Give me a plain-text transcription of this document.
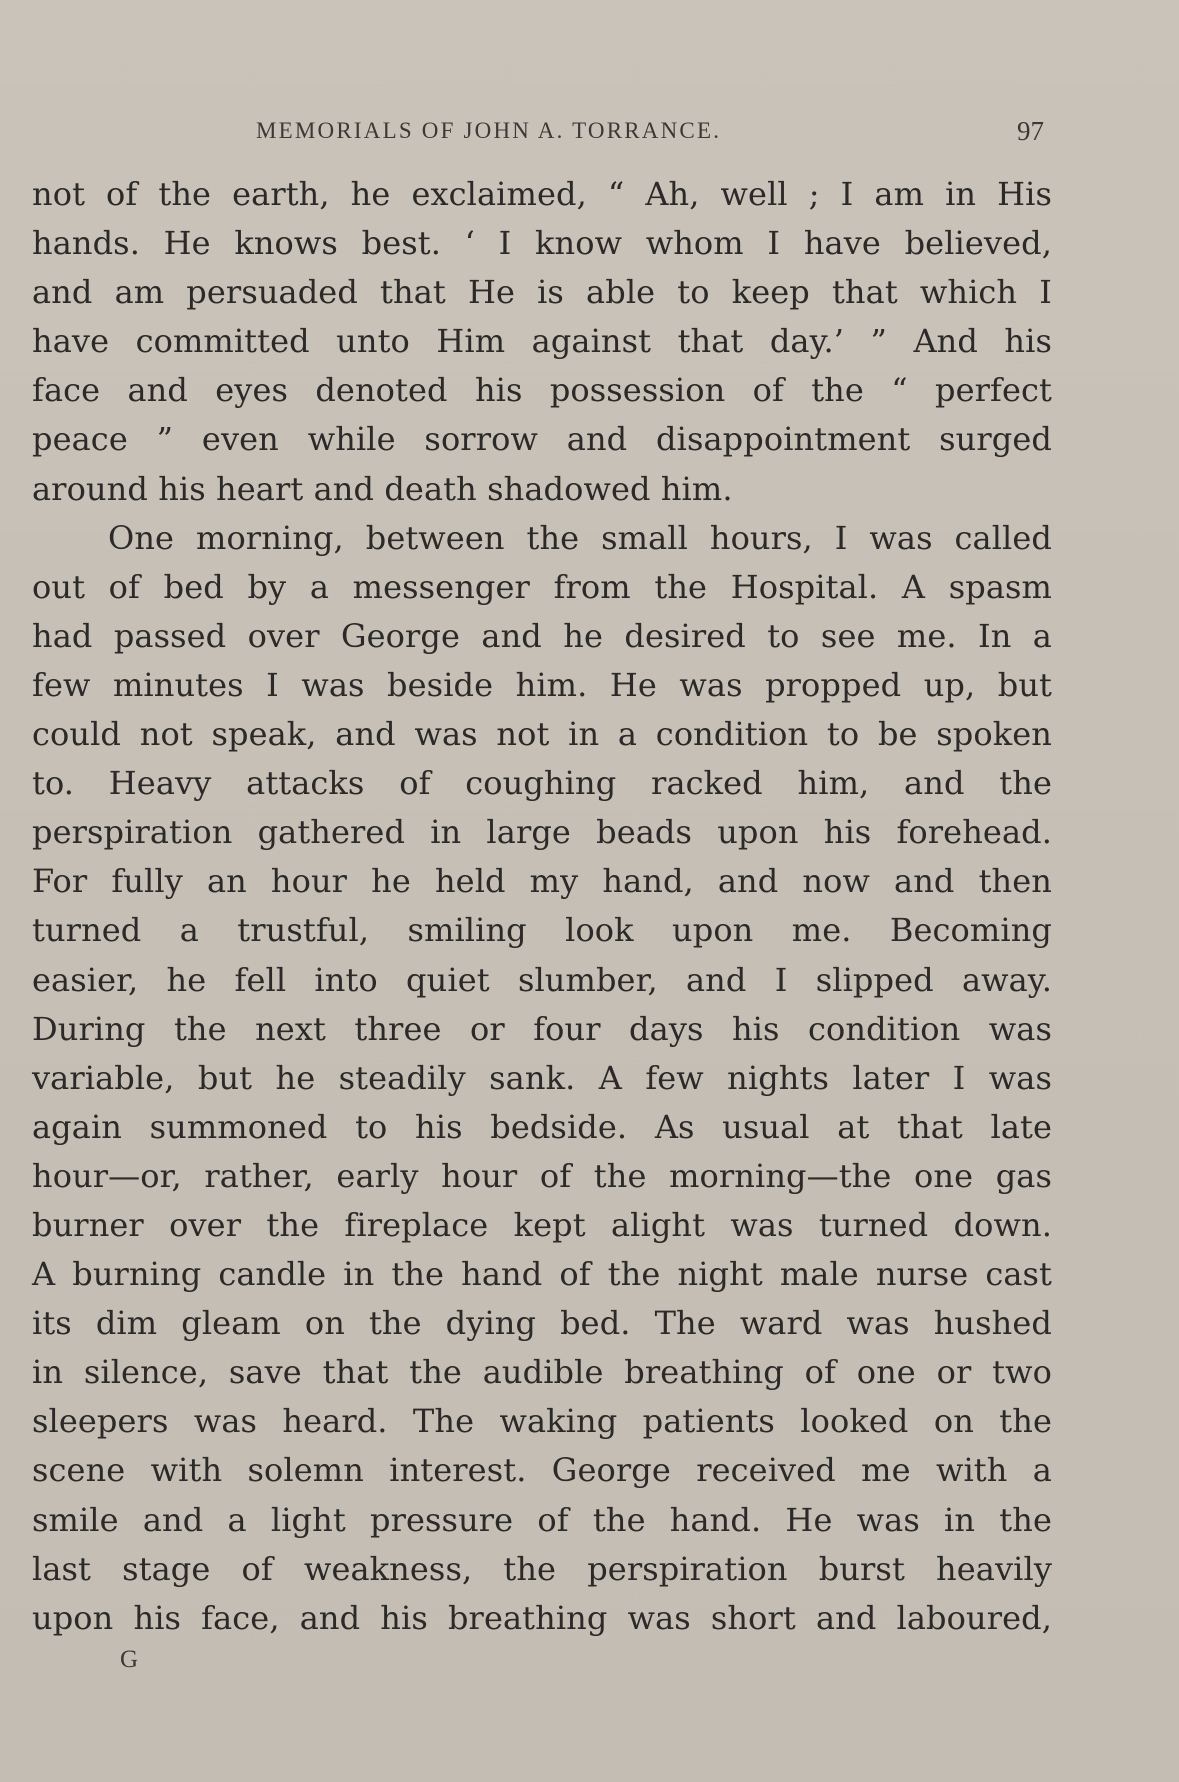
MEMORIALS OF JOHN A. TORRANCE.	97
not of the earth, he exclaimed, “ Ah, well ; I am in His
hands. He knows best. ‘ I know whom I have believed,
and am persuaded that He is able to keep that which I
have committed unto Him against that day.’ ” And his
face and eyes denoted his possession of the “ perfect
peace ” even while sorrow and disappointment surged
around his heart and death shadowed him.
One morning, between the small hours, I was called
out of bed by a messenger from the Hospital. A spasm
had passed over George and he desired to see me. In a
few minutes I was beside him. He was propped up, but
could not speak, and was not in a condition to be spoken
to. Heavy attacks of coughing racked him, and the
perspiration gathered in large beads upon his forehead.
For fully an hour he held my hand, and now and then
turned a trustful, smiling look upon me. Becoming
easier, he fell into quiet slumber, and I slipped away.
During the next three or four days his condition was
variable, but he steadily sank. A few nights later I was
again summoned to his bedside. As usual at that late
hour—or, rather, early hour of the morning—the one gas
burner over the fireplace kept alight was turned down.
A burning candle in the hand of the night male nurse cast
its dim gleam on the dying bed. The ward was hushed
in silence, save that the audible breathing of one or two
sleepers was heard. The waking patients looked on the
scene with solemn interest. George received me with a
smile and a light pressure of the hand. He was in the
last stage of weakness, the perspiration burst heavily
upon his face, and his breathing was short and laboured,
G
